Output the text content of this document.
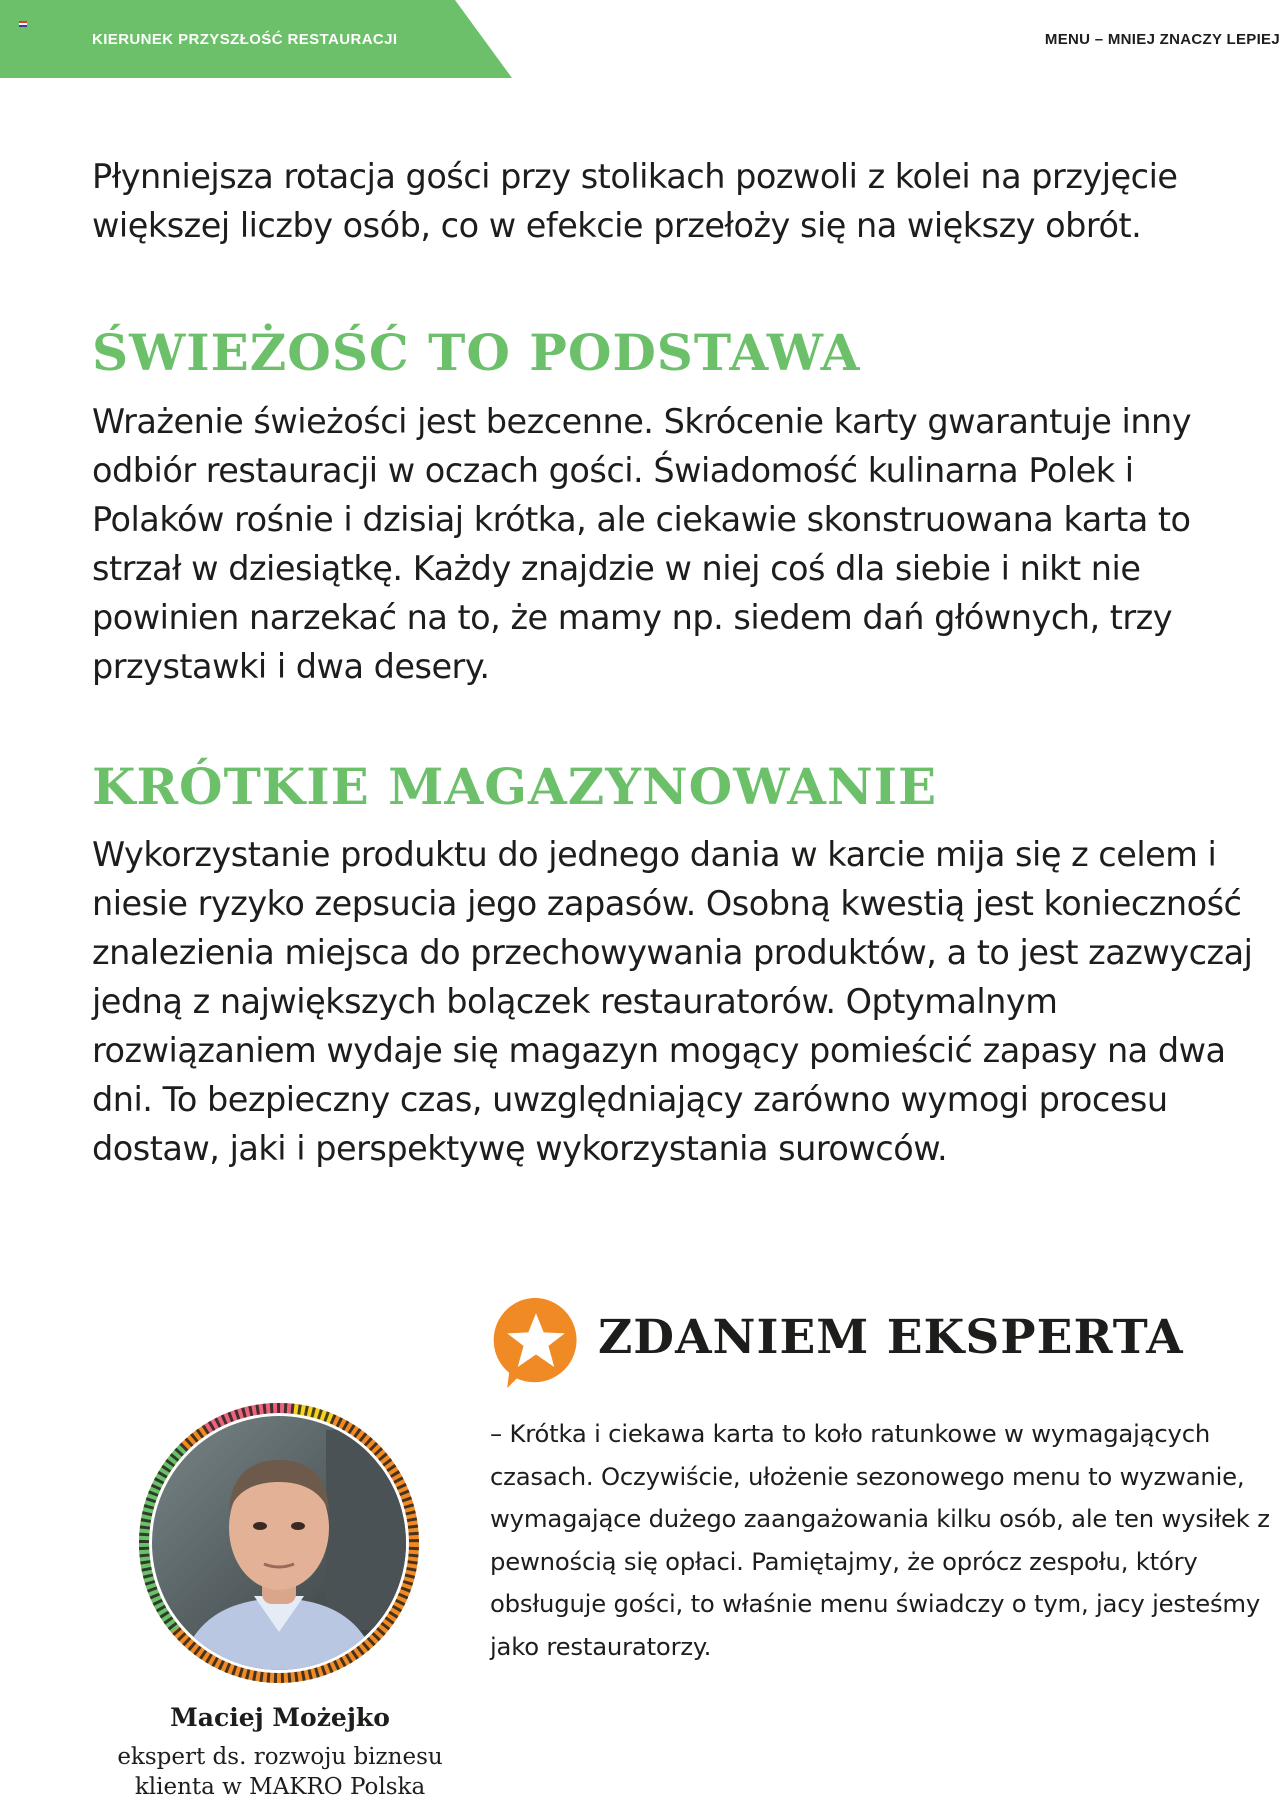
KIERUNEK PRZYSZŁOŚĆ RESTAURACJI	MENU – MNIEJ ZNACZY LEPIEJ

Płynniejsza rotacja gości przy stolikach pozwoli z kolei na przyjęcie większej liczby osób, co w efekcie przełoży się na większy obrót.

ŚWIEŻOŚĆ TO PODSTAWA

Wrażenie świeżości jest bezcenne. Skrócenie karty gwarantuje inny odbiór restauracji w oczach gości. Świadomość kulinarna Polek i Polaków rośnie i dzisiaj krótka, ale ciekawie skonstruowana karta to strzał w dziesiątkę. Każdy znajdzie w niej coś dla siebie i nikt nie powinien narzekać na to, że mamy np. siedem dań głównych, trzy przystawki i dwa desery.

KRÓTKIE MAGAZYNOWANIE

Wykorzystanie produktu do jednego dania w karcie mija się z celem i niesie ryzyko zepsucia jego zapasów. Osobną kwestią jest konieczność znalezienia miejsca do przechowywania produktów, a to jest zazwyczaj jedną z największych bolączek restauratorów. Optymalnym rozwiązaniem wydaje się magazyn mogący pomieścić zapasy na dwa dni. To bezpieczny czas, uwzględniający zarówno wymogi procesu dostaw, jaki i perspektywę wykorzystania surowców.

ZDANIEM EKSPERTA

– Krótka i ciekawa karta to koło ratunkowe w wymagających czasach. Oczywiście, ułożenie sezonowego menu to wyzwanie, wymagające dużego zaangażowania kilku osób, ale ten wysiłek z pewnością się opłaci. Pamiętajmy, że oprócz zespołu, który obsługuje gości, to właśnie menu świadczy o tym, jacy jesteśmy jako restauratorzy.

Maciej Możejko
ekspert ds. rozwoju biznesu
klienta w MAKRO Polska
